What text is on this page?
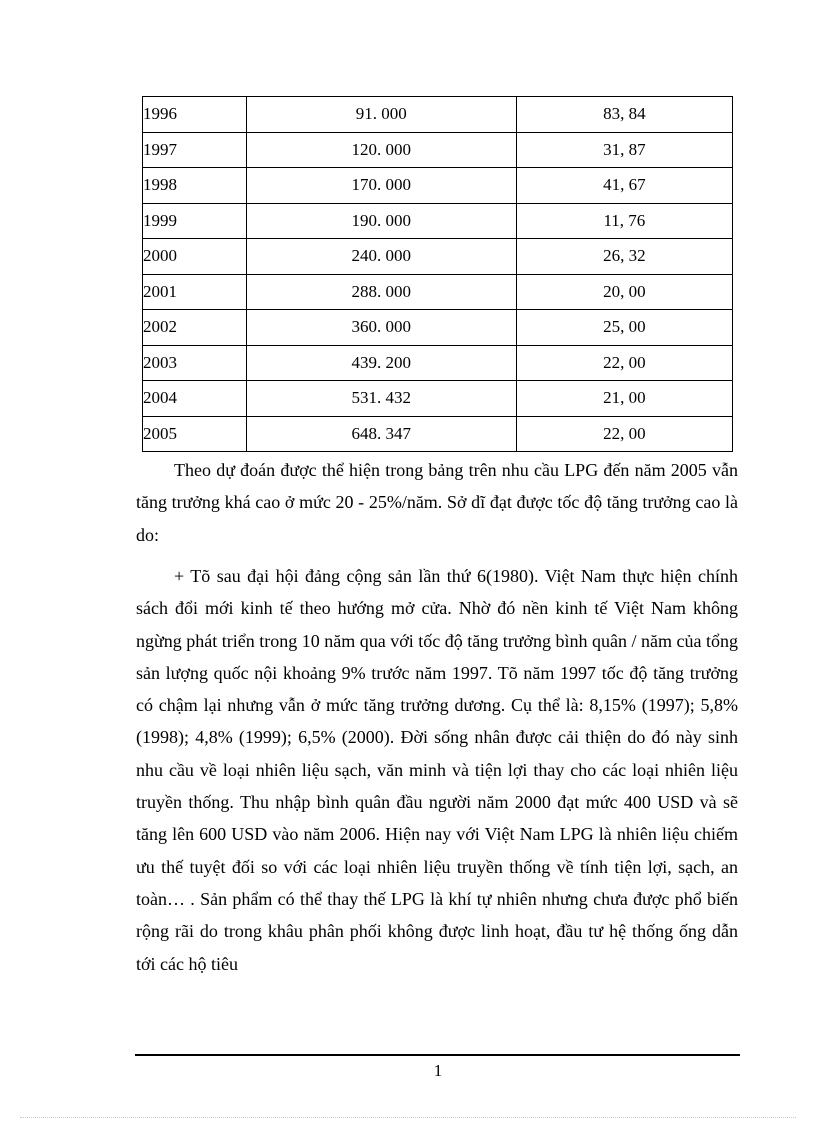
1996	91. 000	83, 84
1997	120. 000	31, 87
1998	170. 000	41, 67
1999	190. 000	11, 76
2000	240. 000	26, 32
2001	288. 000	20, 00
2002	360. 000	25, 00
2003	439. 200	22, 00
2004	531. 432	21, 00
2005	648. 347	22, 00

Theo dự đoán được thể hiện trong bảng trên nhu cầu LPG đến năm 2005 vẫn tăng trưởng khá cao ở mức 20 - 25%/năm. Sở dĩ đạt được tốc độ tăng trưởng cao là do:

+ Tõ sau đại hội đảng cộng sản lần thứ 6(1980). Việt Nam thực hiện chính sách đổi mới kinh tế theo hướng mở cửa. Nhờ đó nền kinh tế Việt Nam không ngừng phát triển trong 10 năm qua với tốc độ tăng trưởng bình quân / năm của tổng sản lượng quốc nội khoảng 9% trước năm 1997. Tõ năm 1997 tốc độ tăng trưởng có chậm lại nhưng vẫn ở mức tăng trưởng dương. Cụ thể là: 8,15% (1997); 5,8% (1998); 4,8% (1999); 6,5% (2000). Đời sống nhân được cải thiện do đó này sinh nhu cầu về loại nhiên liệu sạch, văn minh và tiện lợi thay cho các loại nhiên liệu truyền thống. Thu nhập bình quân đầu người năm 2000 đạt mức 400 USD và sẽ tăng lên 600 USD vào năm 2006. Hiện nay với Việt Nam LPG là nhiên liệu chiếm ưu thế tuyệt đối so với các loại nhiên liệu truyền thống về tính tiện lợi, sạch, an toàn… . Sản phẩm có thể thay thế LPG là khí tự nhiên nhưng chưa được phổ biến rộng rãi do trong khâu phân phối không được linh hoạt, đầu tư hệ thống ống dẫn tới các hộ tiêu

1
